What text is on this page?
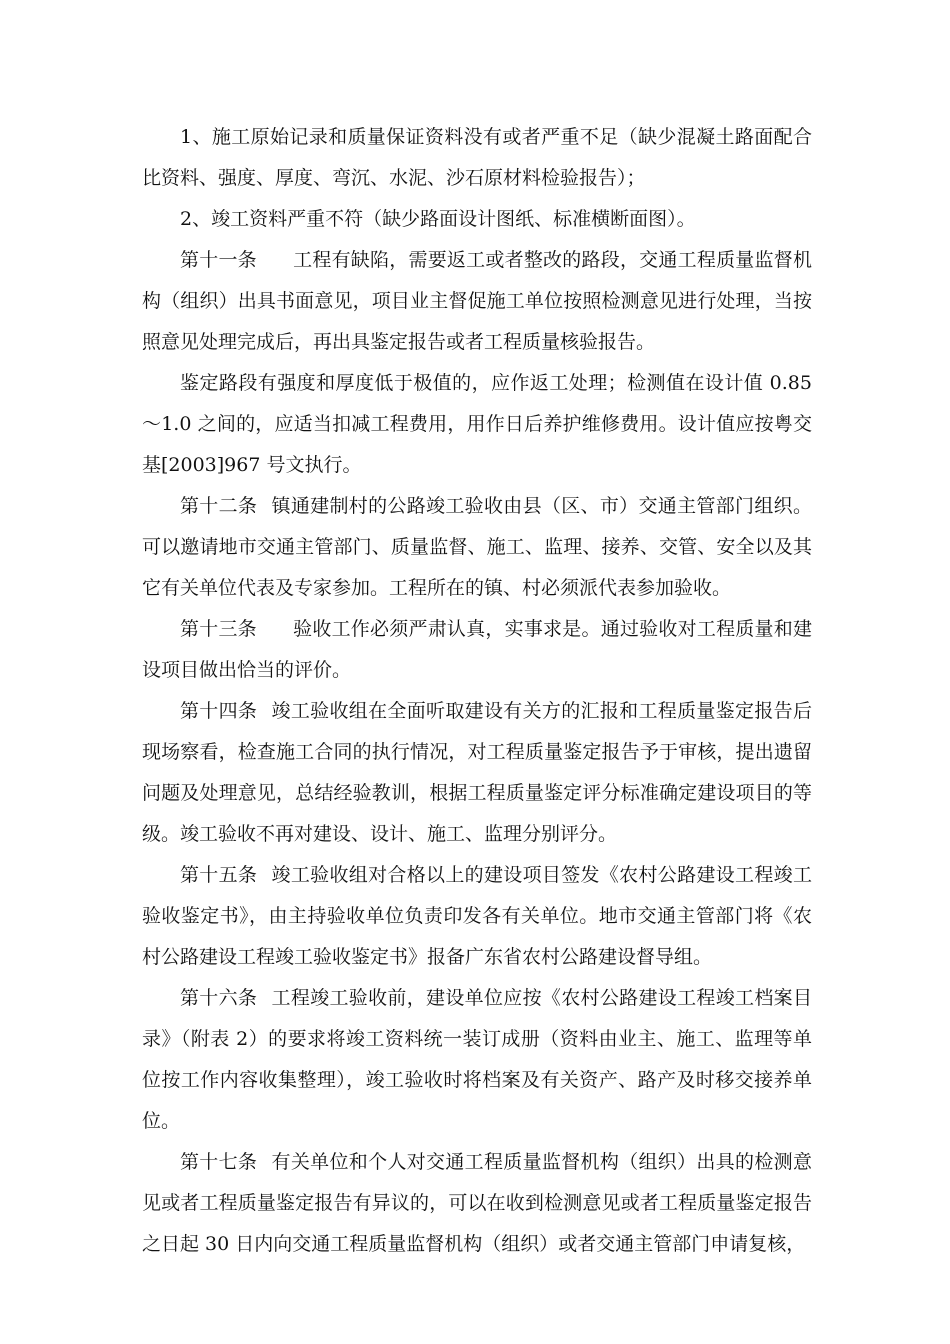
1、施工原始记录和质量保证资料没有或者严重不足（缺少混凝土路面配合比资料、强度、厚度、弯沉、水泥、沙石原材料检验报告）；

2、竣工资料严重不符（缺少路面设计图纸、标准横断面图）。

第十一条 工程有缺陷，需要返工或者整改的路段，交通工程质量监督机构（组织）出具书面意见，项目业主督促施工单位按照检测意见进行处理，当按照意见处理完成后，再出具鉴定报告或者工程质量核验报告。

鉴定路段有强度和厚度低于极值的，应作返工处理；检测值在设计值 0.85～1.0 之间的，应适当扣减工程费用，用作日后养护维修费用。设计值应按粤交基[2003]967 号文执行。

第十二条 镇通建制村的公路竣工验收由县（区、市）交通主管部门组织。可以邀请地市交通主管部门、质量监督、施工、监理、接养、交管、安全以及其它有关单位代表及专家参加。工程所在的镇、村必须派代表参加验收。

第十三条 验收工作必须严肃认真，实事求是。通过验收对工程质量和建设项目做出恰当的评价。

第十四条 竣工验收组在全面听取建设有关方的汇报和工程质量鉴定报告后现场察看，检查施工合同的执行情况，对工程质量鉴定报告予于审核，提出遗留问题及处理意见，总结经验教训，根据工程质量鉴定评分标准确定建设项目的等级。竣工验收不再对建设、设计、施工、监理分别评分。

第十五条 竣工验收组对合格以上的建设项目签发《农村公路建设工程竣工验收鉴定书》，由主持验收单位负责印发各有关单位。地市交通主管部门将《农村公路建设工程竣工验收鉴定书》报备广东省农村公路建设督导组。

第十六条 工程竣工验收前，建设单位应按《农村公路建设工程竣工档案目录》（附表 2）的要求将竣工资料统一装订成册（资料由业主、施工、监理等单位按工作内容收集整理），竣工验收时将档案及有关资产、路产及时移交接养单位。

第十七条 有关单位和个人对交通工程质量监督机构（组织）出具的检测意见或者工程质量鉴定报告有异议的，可以在收到检测意见或者工程质量鉴定报告之日起 30 日内向交通工程质量监督机构（组织）或者交通主管部门申请复核，
